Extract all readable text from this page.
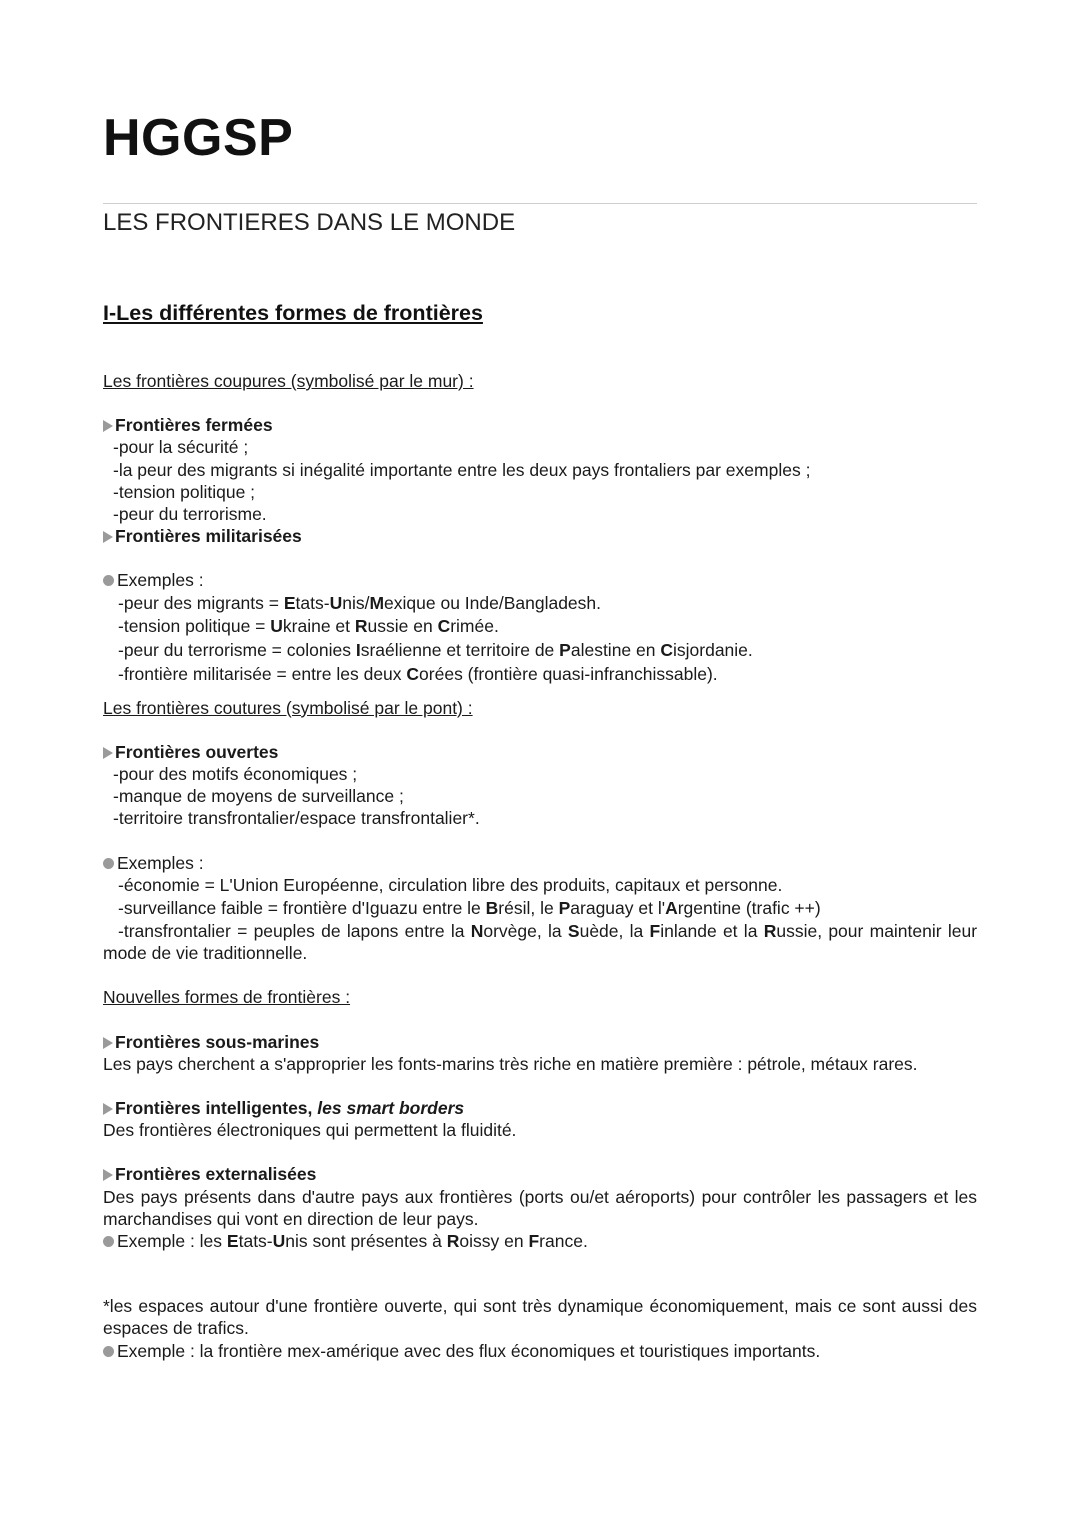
HGGSP
LES FRONTIERES DANS LE MONDE
I-Les différentes formes de frontières
Les frontières coupures (symbolisé par le mur) :
Frontières fermées
-pour la sécurité ;
-la peur des migrants si inégalité importante entre les deux pays frontaliers par exemples ;
-tension politique ;
-peur du terrorisme.
Frontières militarisées
Exemples :
-peur des migrants = Etats-Unis/Mexique ou Inde/Bangladesh.
-tension politique = Ukraine et Russie en Crimée.
-peur du terrorisme = colonies Israélienne et territoire de Palestine en Cisjordanie.
-frontière militarisée = entre les deux Corées (frontière quasi-infranchissable).
Les frontières coutures (symbolisé par le pont) :
Frontières ouvertes
-pour des motifs économiques ;
-manque de moyens de surveillance ;
-territoire transfrontalier/espace transfrontalier*.
Exemples :
-économie = L'Union Européenne, circulation libre des produits, capitaux et personne.
-surveillance faible = frontière d'Iguazu entre le Brésil, le Paraguay et l'Argentine (trafic ++)
-transfrontalier = peuples de lapons entre la Norvège, la Suède, la Finlande et la Russie, pour maintenir leur mode de vie traditionnelle.
Nouvelles formes de frontières :
Frontières sous-marines
Les pays cherchent a s'approprier les fonts-marins très riche en matière première : pétrole, métaux rares.
Frontières intelligentes, les smart borders
Des frontières électroniques qui permettent la fluidité.
Frontières externalisées
Des pays présents dans d'autre pays aux frontières (ports ou/et aéroports) pour contrôler les passagers et les marchandises qui vont en direction de leur pays.
Exemple : les Etats-Unis sont présentes à Roissy en France.
*les espaces autour d'une frontière ouverte, qui sont très dynamique économiquement, mais ce sont aussi des espaces de trafics.
Exemple : la frontière mex-amérique avec des flux économiques et touristiques importants.
